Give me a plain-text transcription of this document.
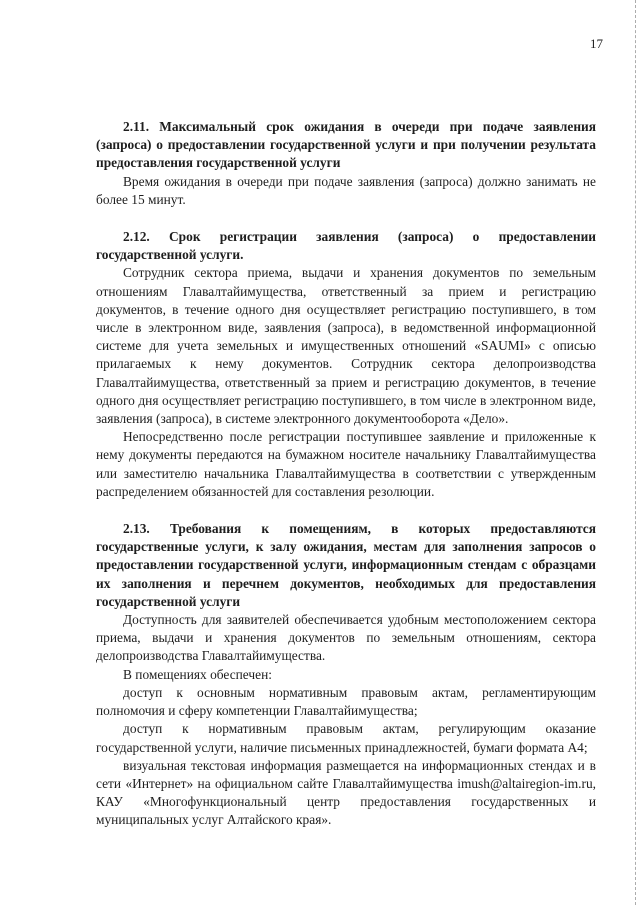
17

2.11. Максимальный срок ожидания в очереди при подаче заявления (запроса) о предоставлении государственной услуги и при получении результата предоставления государственной услуги

Время ожидания в очереди при подаче заявления (запроса) должно занимать не более 15 минут.

2.12. Срок регистрации заявления (запроса) о предоставлении государственной услуги.

Сотрудник сектора приема, выдачи и хранения документов по земельным отношениям Главалтайимущества, ответственный за прием и регистрацию документов, в течение одного дня осуществляет регистрацию поступившего, в том числе в электронном виде, заявления (запроса), в ведомственной информационной системе для учета земельных и имущественных отношений «SAUMI» с описью прилагаемых к нему документов. Сотрудник сектора делопроизводства Главалтайимущества, ответственный за прием и регистрацию документов, в течение одного дня осуществляет регистрацию поступившего, в том числе в электронном виде, заявления (запроса), в системе электронного документооборота «Дело».

Непосредственно после регистрации поступившее заявление и приложенные к нему документы передаются на бумажном носителе начальнику Главалтайимущества или заместителю начальника Главалтайимущества в соответствии с утвержденным распределением обязанностей для составления резолюции.

2.13. Требования к помещениям, в которых предоставляются государственные услуги, к залу ожидания, местам для заполнения запросов о предоставлении государственной услуги, информационным стендам с образцами их заполнения и перечнем документов, необходимых для предоставления государственной услуги

Доступность для заявителей обеспечивается удобным местоположением сектора приема, выдачи и хранения документов по земельным отношениям, сектора делопроизводства Главалтайимущества.

В помещениях обеспечен:

доступ к основным нормативным правовым актам, регламентирующим полномочия и сферу компетенции Главалтайимущества;

доступ к нормативным правовым актам, регулирующим оказание государственной услуги, наличие письменных принадлежностей, бумаги формата А4;

визуальная текстовая информация размещается на информационных стендах и в сети «Интернет» на официальном сайте Главалтайимущества imush@altairegion-im.ru, КАУ «Многофункциональный центр предоставления государственных и муниципальных услуг Алтайского края».
